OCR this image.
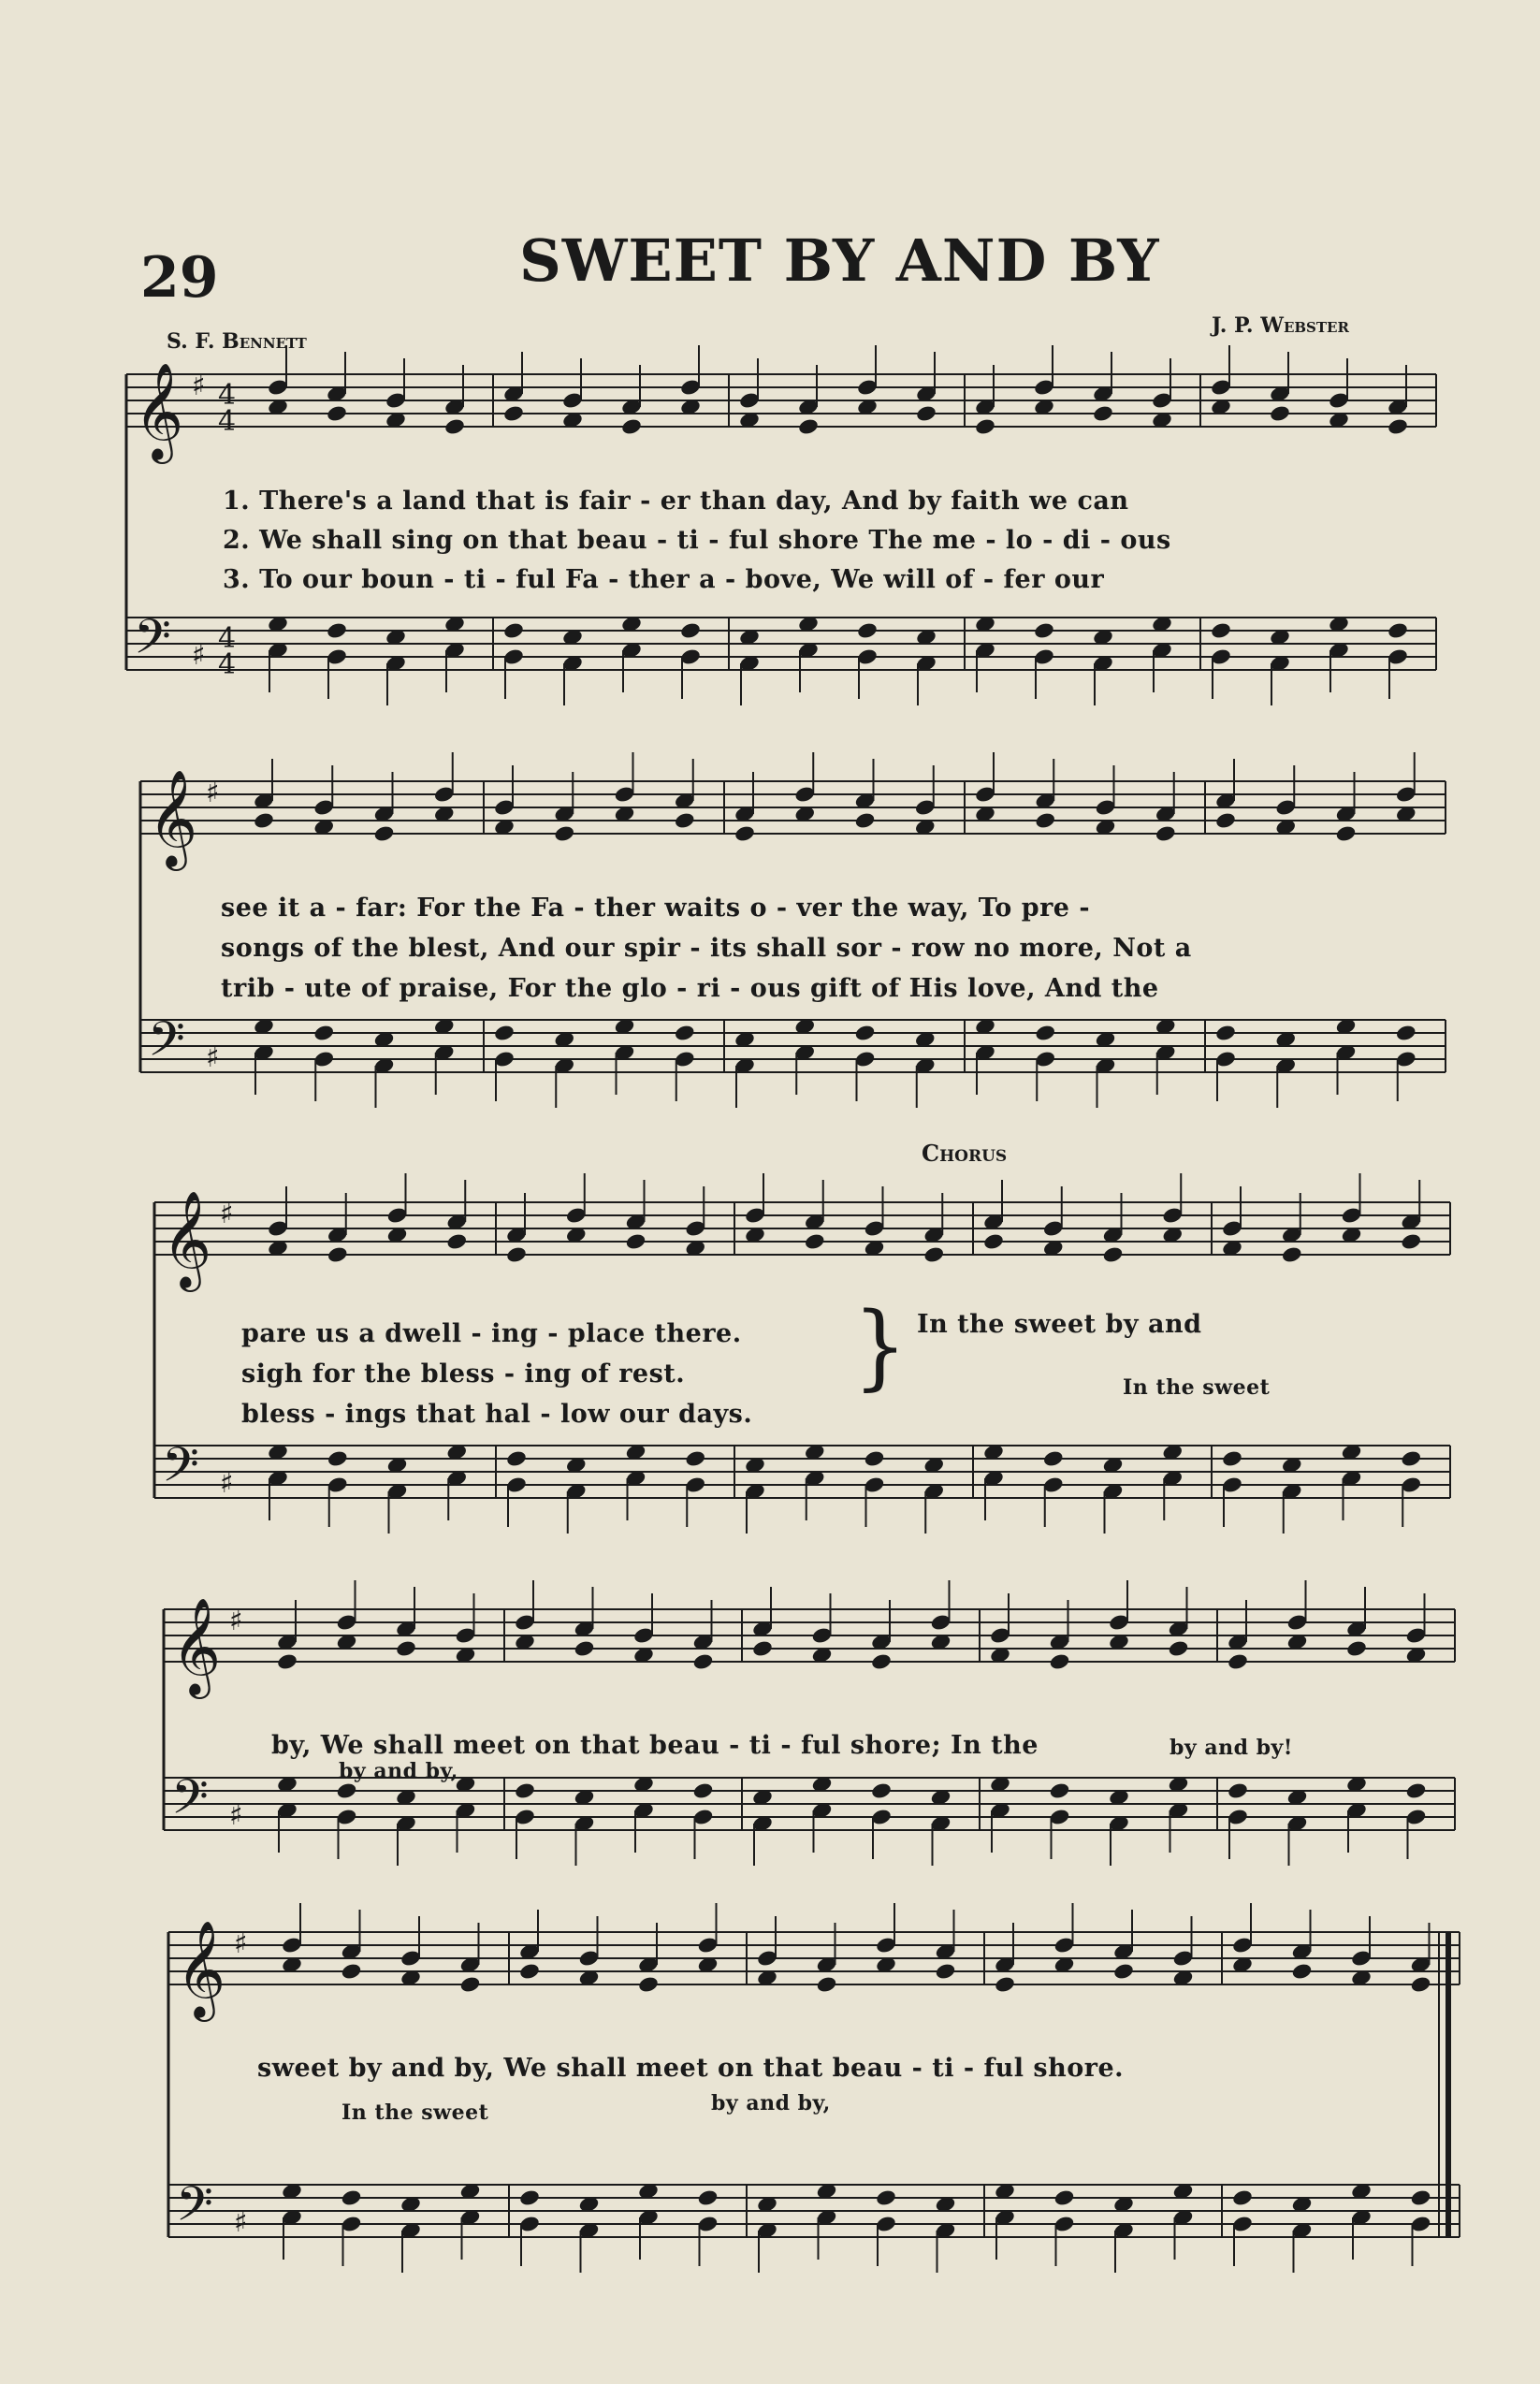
29	SWEET BY AND BY
S. F. Bennett
J. P. Webster
Chorus
𝄞
𝄢
♯
♯
4
4
4
4
𝄞
𝄢
♯
♯
𝄞
𝄢
♯
♯
𝄞
𝄢
♯
♯
𝄞
𝄢
♯
♯
1. There's a land that is fair - er than day, And by faith we can
2. We shall sing on that beau - ti - ful shore The me - lo - di - ous
3. To our boun - ti - ful Fa - ther a - bove, We will of - fer our
see it a - far: For the Fa - ther waits o - ver the way, To pre -
songs of the blest, And our spir - its shall sor - row no more, Not a
trib - ute of praise, For the glo - ri - ous gift of His love, And the
pare us a dwell - ing - place there.
sigh for the bless - ing of rest.
bless - ings that hal - low our days.
} In the sweet by and
In the sweet
by, We shall meet on that beau - ti - ful shore; In the
by and by,
by and by!
sweet by and by, We shall meet on that beau - ti - ful shore.
In the sweet	by and by,
